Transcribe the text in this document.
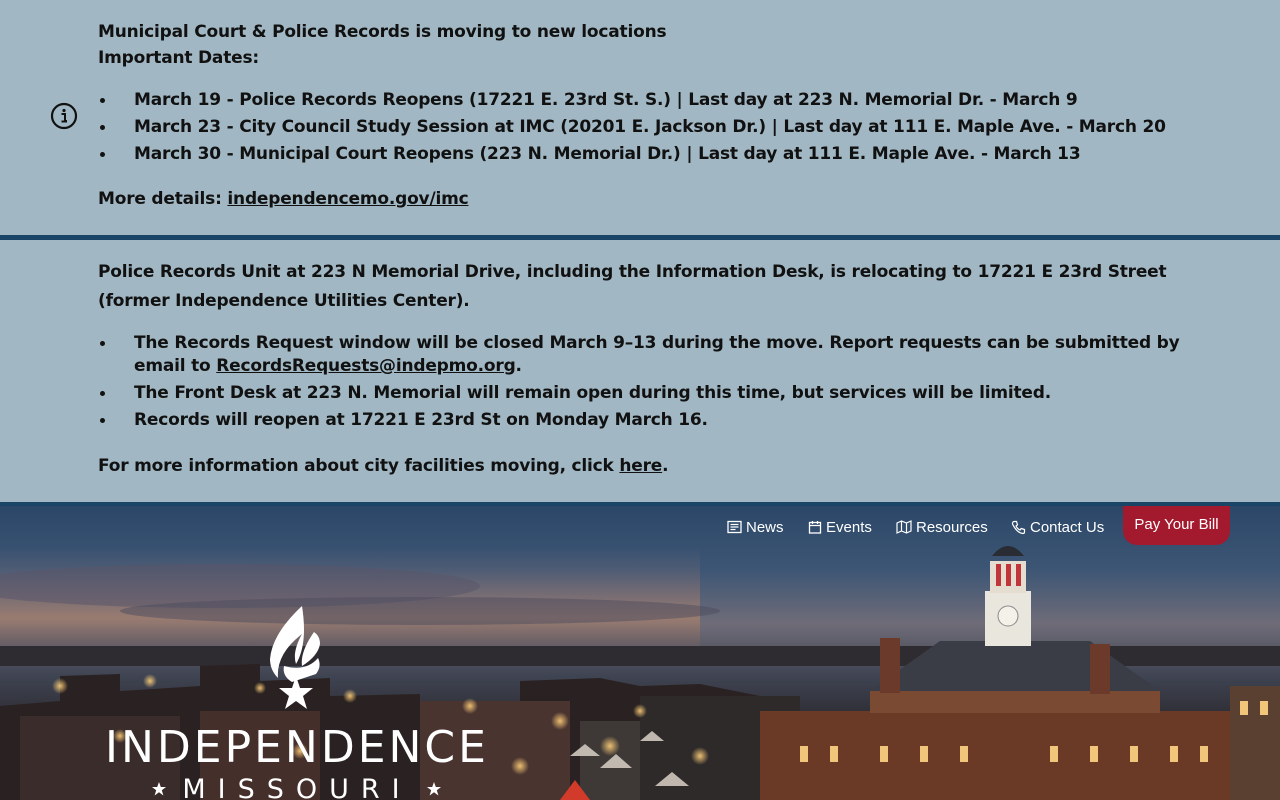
Municipal Court & Police Records is moving to new locations
Important Dates:
March 19 - Police Records Reopens (17221 E. 23rd St. S.) | Last day at 223 N. Memorial Dr. - March 9
March 23 - City Council Study Session at IMC (20201 E. Jackson Dr.) | Last day at 111 E. Maple Ave. - March 20
March 30 - Municipal Court Reopens (223 N. Memorial Dr.) | Last day at 111 E. Maple Ave. - March 13
More details: independencemo.gov/imc
Police Records Unit at 223 N Memorial Drive, including the Information Desk, is relocating to 17221 E 23rd Street (former Independence Utilities Center).
The Records Request window will be closed March 9–13 during the move. Report requests can be submitted by email to RecordsRequests@indepmo.org.
The Front Desk at 223 N. Memorial will remain open during this time, but services will be limited.
Records will reopen at 17221 E 23rd St on Monday March 16.
For more information about city facilities moving, click here.
News	Events	Resources	Contact Us	Pay Your Bill
INDEPENDENCE
MISSOURI
